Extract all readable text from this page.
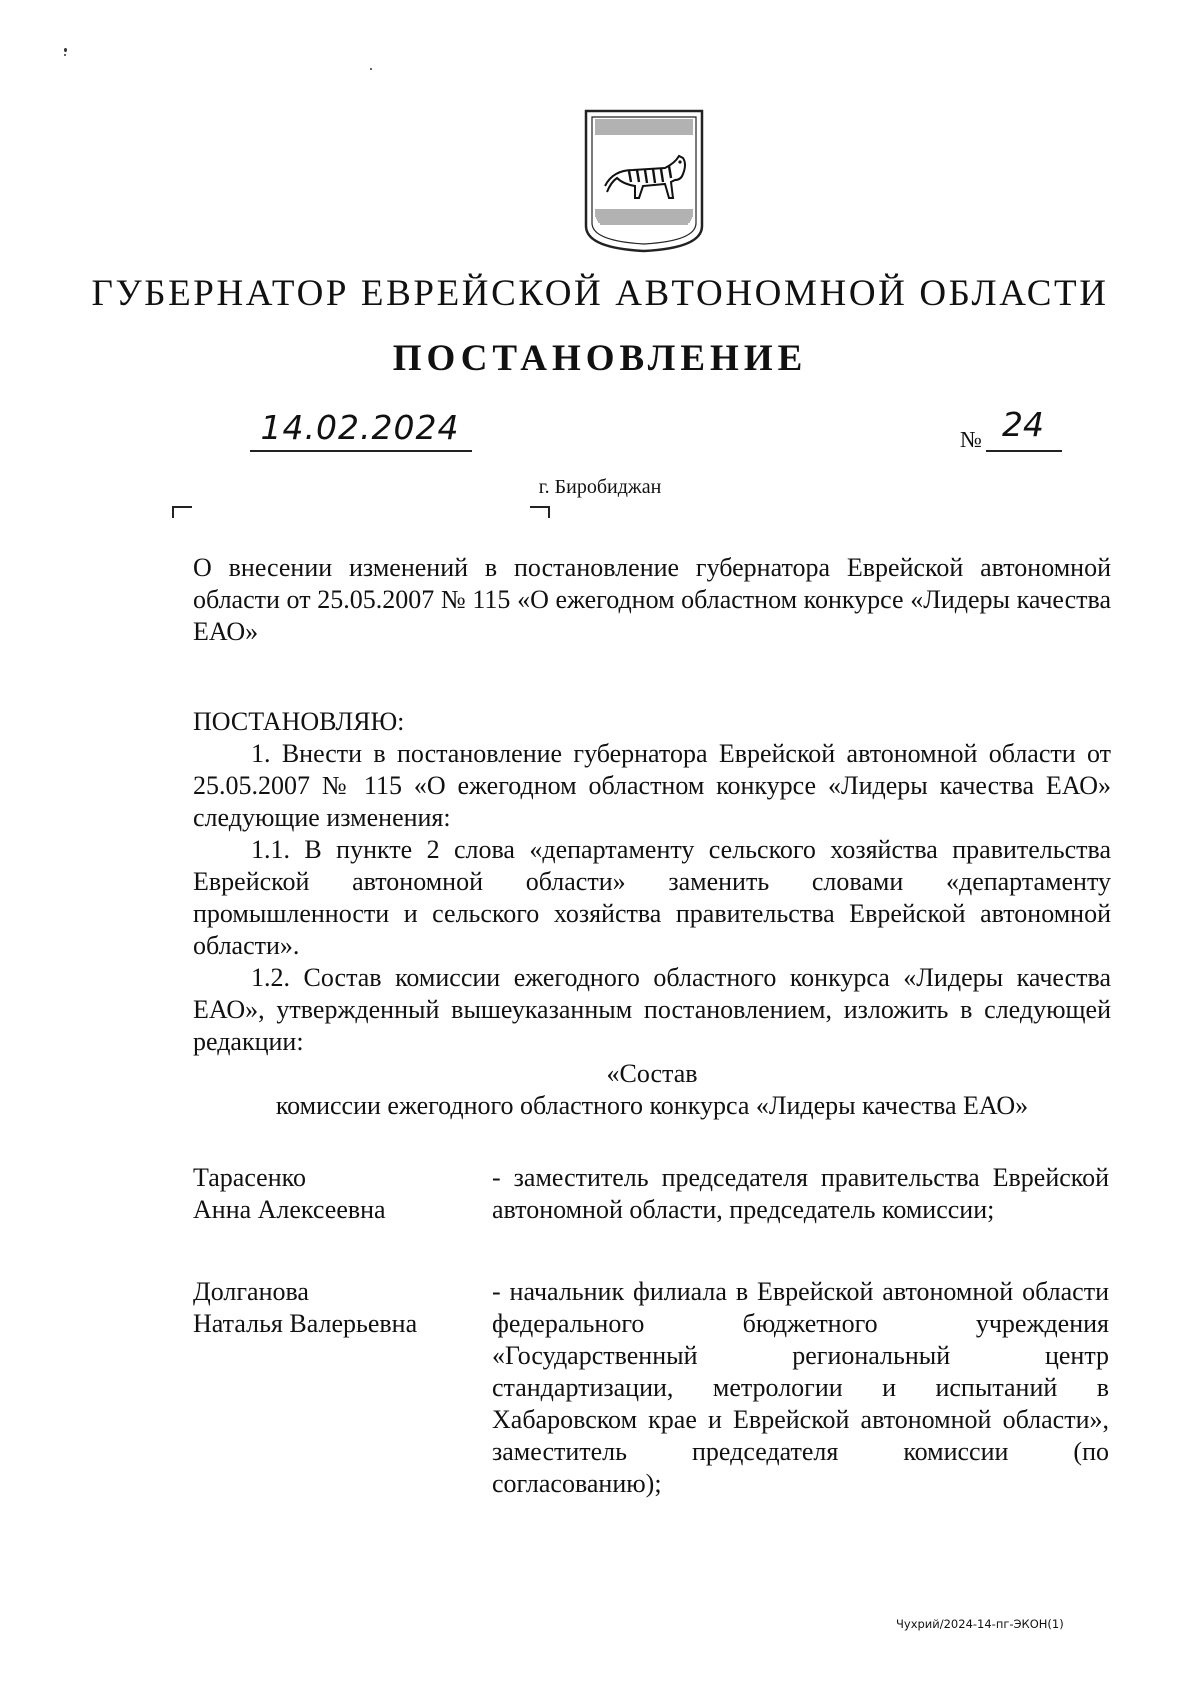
ГУБЕРНАТОР ЕВРЕЙСКОЙ АВТОНОМНОЙ ОБЛАСТИ
ПОСТАНОВЛЕНИЕ
14.02.2024	№ 24
г. Биробиджан
О внесении изменений в постановление губернатора Еврейской автономной области от 25.05.2007 № 115 «О ежегодном областном конкурсе «Лидеры качества ЕАО»
ПОСТАНОВЛЯЮ:
1. Внести в постановление губернатора Еврейской автономной области от 25.05.2007 № 115 «О ежегодном областном конкурсе «Лидеры качества ЕАО» следующие изменения:
1.1. В пункте 2 слова «департаменту сельского хозяйства правительства Еврейской автономной области» заменить словами «департаменту промышленности и сельского хозяйства правительства Еврейской автономной области».
1.2. Состав комиссии ежегодного областного конкурса «Лидеры качества ЕАО», утвержденный вышеуказанным постановлением, изложить в следующей редакции:
«Состав
комиссии ежегодного областного конкурса «Лидеры качества ЕАО»
Тарасенко
Анна Алексеевна
- заместитель председателя правительства Еврейской автономной области, председатель комиссии;
Долганова
Наталья Валерьевна
- начальник филиала в Еврейской автономной области федерального бюджетного учреждения «Государственный региональный центр стандартизации, метрологии и испытаний в Хабаровском крае и Еврейской автономной области», заместитель председателя комиссии (по согласованию);
Чухрий/2024-14-пг-ЭКОН(1)
